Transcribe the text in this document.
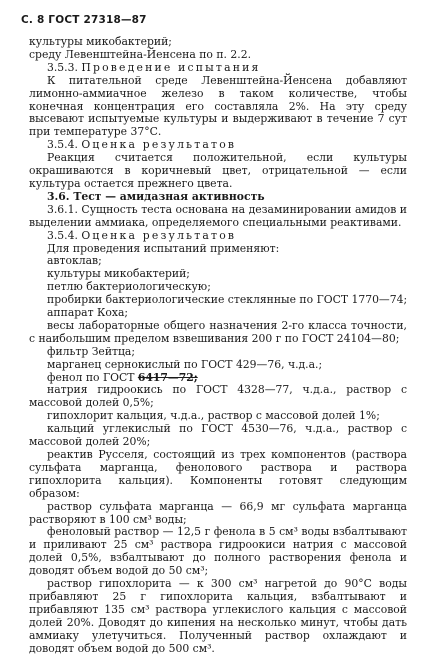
С. 8 ГОСТ 27318—87
культуры микобактерий;
среду Левенштейна-Йенсена по п. 2.2.
3.5.3. Проведение испытания

К питательной среде Левенштейна-Йенсена добавляют лимонно-аммиачное железо в таком количестве, чтобы конечная концентрация его составляла 2%. На эту среду высевают испытуемые культуры и выдерживают в течение 7 сут при температуре 37°С.

3.5.4. Оценка результатов

Реакция считается положительной, если культуры окрашиваются в коричневый цвет, отрицательной — если культура остается прежнего цвета.

3.6. Тест — амидазная активность

3.6.1. Сущность теста основана на дезаминировании амидов и выделении аммиака, определяемого специальными реактивами.

3.5.4. Оценка результатов
Для проведения испытаний применяют:
автоклав;
культуры микобактерий;
петлю бактериологическую;
пробирки бактериологические стеклянные по ГОСТ 1770—74;
аппарат Коха;

весы лабораторные общего назначения 2-го класса точности, с наибольшим пределом взвешивания 200 г по ГОСТ 24104—80;

фильтр Зейтца;
марганец сернокислый по ГОСТ 429—76, ч.д.а.;
фенол по ГОСТ 6417—72;

натрия гидроокись по ГОСТ 4328—77, ч.д.а., раствор с массовой долей 0,5%;

гипохлорит кальция, ч.д.а., раствор с массовой долей 1%;

кальций углекислый по ГОСТ 4530—76, ч.д.а., раствор с массовой долей 20%;

реактив Русселя, состоящий из трех компонентов (раствора сульфата марганца, фенолового раствора и раствора гипохлорита кальция). Компоненты готовят следующим образом:

раствор сульфата марганца — 66,9 мг сульфата марганца растворяют в 100 см³ воды;

феноловый раствор — 12,5 г фенола в 5 см³ воды взбалтывают и приливают 25 см³ раствора гидроокиси натрия с массовой долей 0,5%, взбалтывают до полного растворения фенола и доводят объем водой до 50 см³;

раствор гипохлорита — к 300 см³ нагретой до 90°С воды прибавляют 25 г гипохлорита кальция, взбалтывают и прибавляют 135 см³ раствора углекислого кальция с массовой долей 20%. Доводят до кипения на несколько минут, чтобы дать аммиаку улетучиться. Полученный раствор охлаждают и доводят объем водой до 500 см³.
